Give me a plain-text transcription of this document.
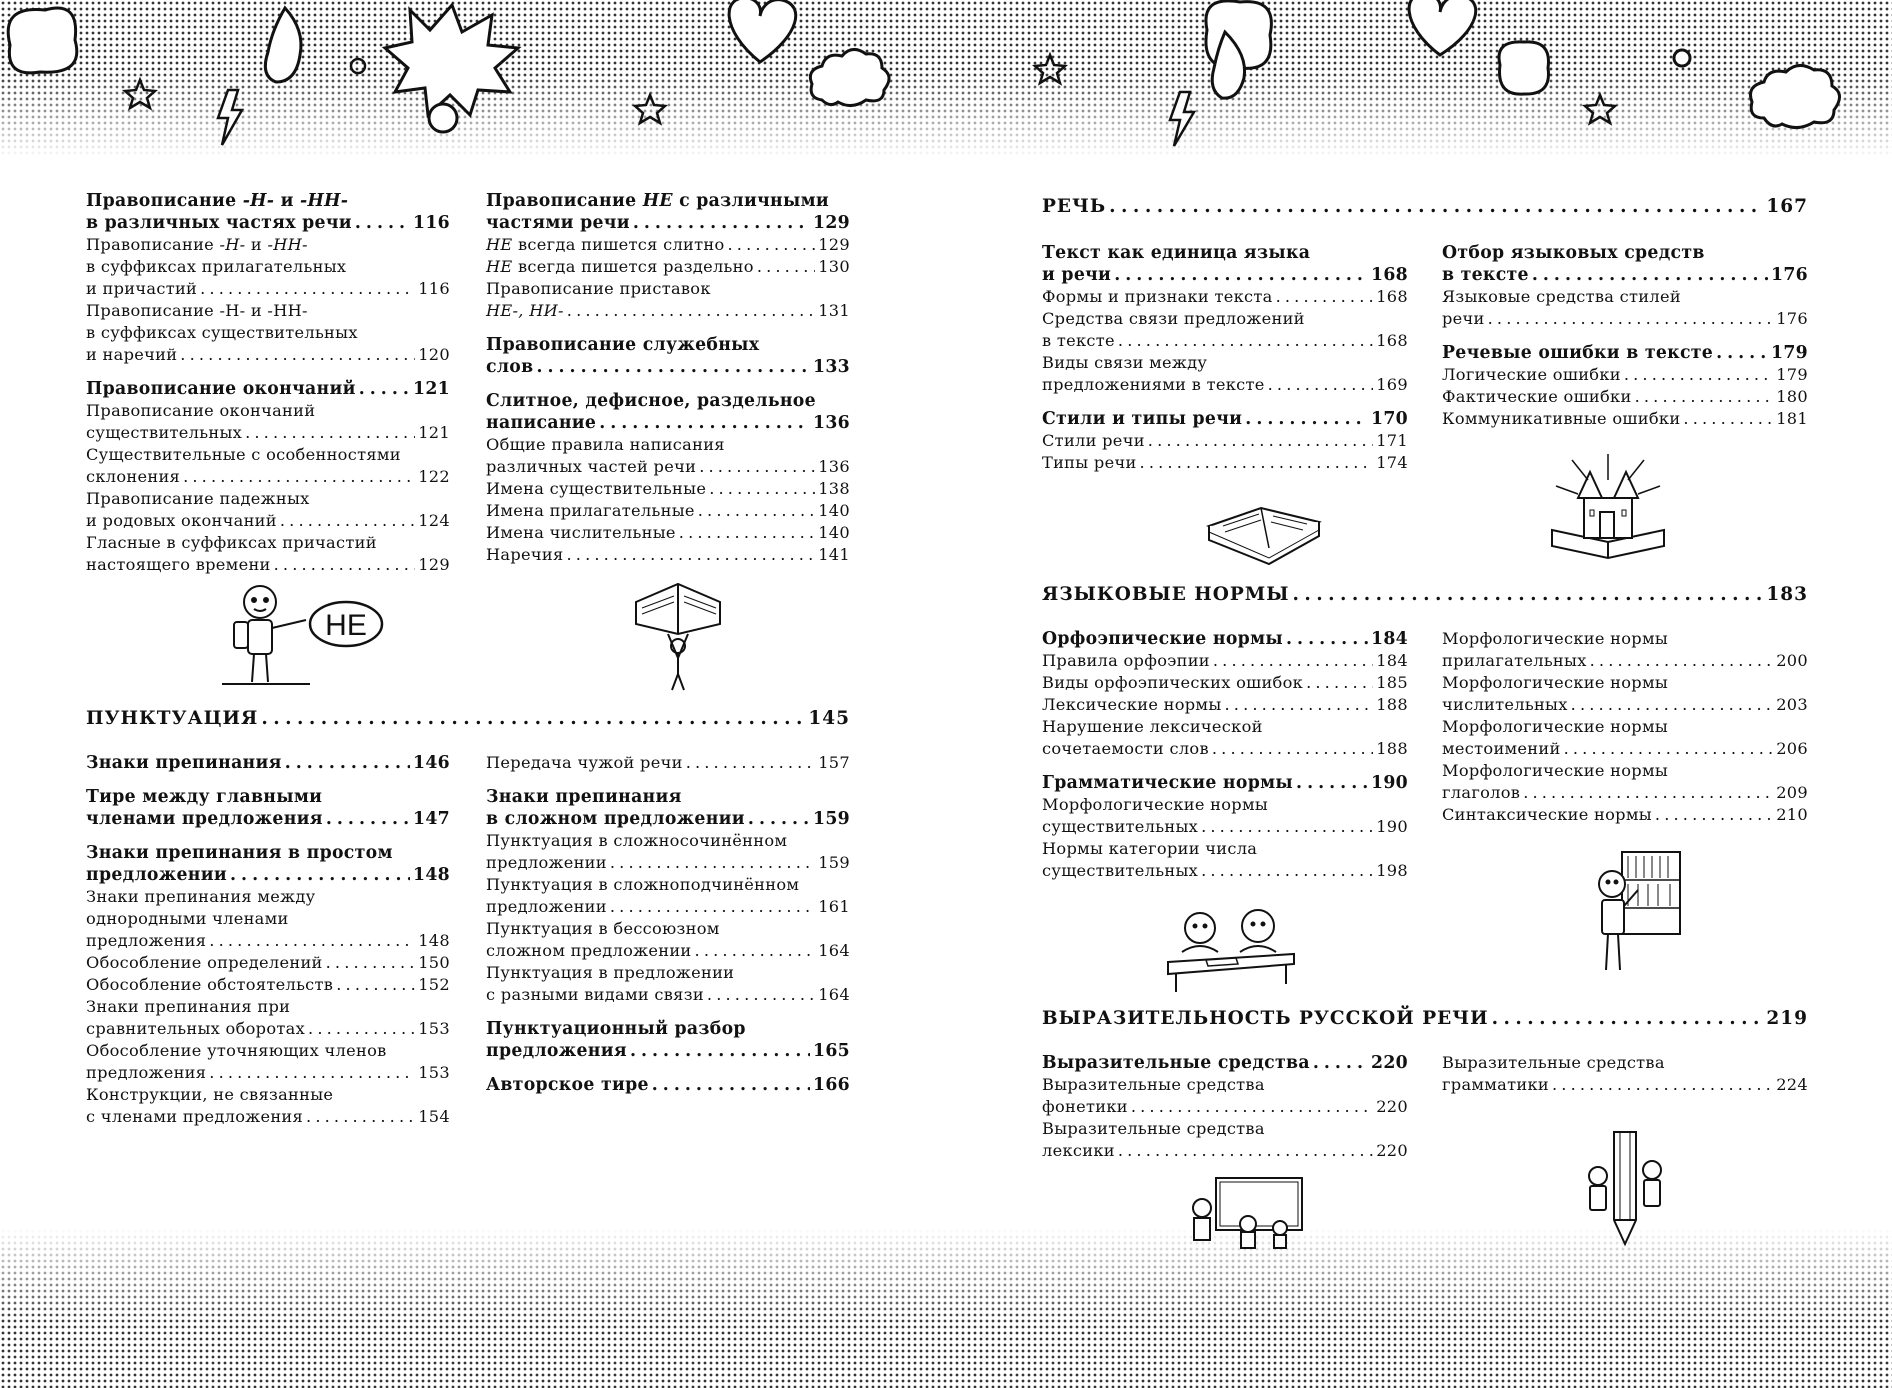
Правописание -Н- и -НН-
в различных частях речи . . .	116
Правописание -Н- и -НН-
в суффиксах прилагательных
и причастий . . .	116
Правописание -Н- и -НН-
в суффиксах существительных
и наречий . . .	120
Правописание окончаний . . .	121
Правописание окончаний
существительных . . .	121
Существительные с особенностями
склонения . . .	122
Правописание падежных
и родовых окончаний . . .	124
Гласные в суффиксах причастий
настоящего времени . . .	129
Правописание НЕ с различными
частями речи . . .	129
НЕ всегда пишется слитно . . .	129
НЕ всегда пишется раздельно . . .	130
Правописание приставок
НЕ-, НИ- . . .	131
Правописание служебных
слов . . .	133
Слитное, дефисное, раздельное
написание . . .	136
Общие правила написания
различных частей речи . . .	136
Имена существительные . . .	138
Имена прилагательные . . .	140
Имена числительные . . .	140
Наречия . . .	141
НЕ
ПУНКТУАЦИЯ . . .	145
Знаки препинания . . .	146
Тире между главными
членами предложения . . .	147
Знаки препинания в простом
предложении . . .	148
Знаки препинания между
однородными членами
предложения . . .	148
Обособление определений . . .	150
Обособление обстоятельств . . .	152
Знаки препинания при
сравнительных оборотах . . .	153
Обособление уточняющих членов
предложения . . .	153
Конструкции, не связанные
с членами предложения . . .	154
Передача чужой речи . . .	157
Знаки препинания
в сложном предложении . . .	159
Пунктуация в сложносочинённом
предложении . . .	159
Пунктуация в сложноподчинённом
предложении . . .	161
Пунктуация в бессоюзном
сложном предложении . . .	164
Пунктуация в предложении
с разными видами связи . . .	164
Пунктуационный разбор
предложения . . .	165
Авторское тире . . .	166
РЕЧЬ . . .	167
Текст как единица языка
и речи . . .	168
Формы и признаки текста . . .	168
Средства связи предложений
в тексте . . .	168
Виды связи между
предложениями в тексте . . .	169
Стили и типы речи . . .	170
Стили речи . . .	171
Типы речи . . .	174
Отбор языковых средств
в тексте . . .	176
Языковые средства стилей
речи . . .	176
Речевые ошибки в тексте . . .	179
Логические ошибки . . .	179
Фактические ошибки . . .	180
Коммуникативные ошибки . . .	181
ЯЗЫКОВЫЕ НОРМЫ . . .	183
Орфоэпические нормы . . .	184
Правила орфоэпии . . .	184
Виды орфоэпических ошибок . . .	185
Лексические нормы . . .	188
Нарушение лексической
сочетаемости слов . . .	188
Грамматические нормы . . .	190
Морфологические нормы
существительных . . .	190
Нормы категории числа
существительных . . .	198
Морфологические нормы
прилагательных . . .	200
Морфологические нормы
числительных . . .	203
Морфологические нормы
местоимений . . .	206
Морфологические нормы
глаголов . . .	209
Синтаксические нормы . . .	210
ВЫРАЗИТЕЛЬНОСТЬ РУССКОЙ РЕЧИ . . .	219
Выразительные средства . . .	220
Выразительные средства
фонетики . . .	220
Выразительные средства
лексики . . .	220
Выразительные средства
грамматики . . .	224
